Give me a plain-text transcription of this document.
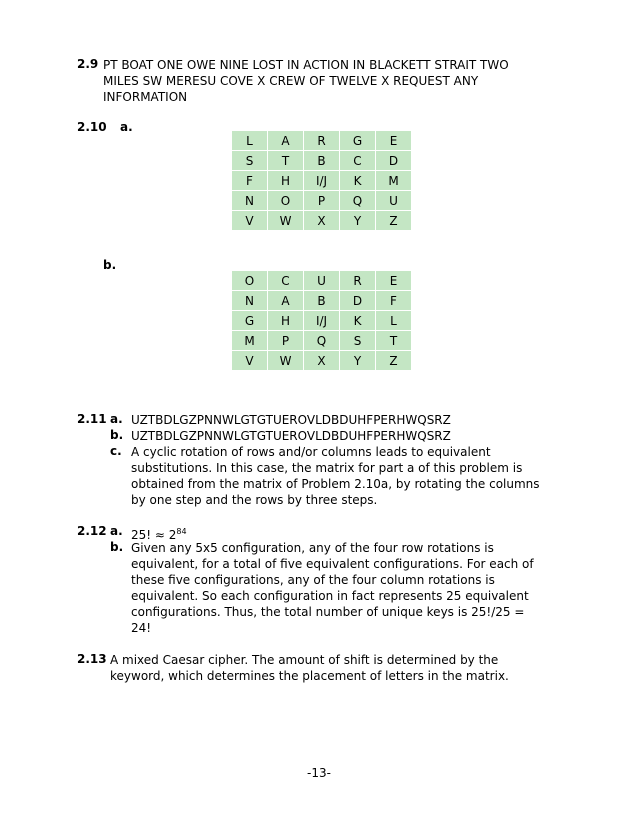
2.9 PT BOAT ONE OWE NINE LOST IN ACTION IN BLACKETT STRAIT TWO
MILES SW MERESU COVE X CREW OF TWELVE X REQUEST ANY
INFORMATION
2.10 a.
L	A	R	G	E
S	T	B	C	D
F	H	I/J	K	M
N	O	P	Q	U
V	W	X	Y	Z
b.
O	C	U	R	E
N	A	B	D	F
G	H	I/J	K	L
M	P	Q	S	T
V	W	X	Y	Z
2.11 a. UZTBDLGZPNNWLGTGTUEROVLDBDUHFPERHWQSRZ
b. UZTBDLGZPNNWLGTGTUEROVLDBDUHFPERHWQSRZ
c. A cyclic rotation of rows and/or columns leads to equivalent
substitutions. In this case, the matrix for part a of this problem is
obtained from the matrix of Problem 2.10a, by rotating the columns
by one step and the rows by three steps.
2.12 a. 25! ≈ $2^{84}$
b. Given any 5x5 configuration, any of the four row rotations is
equivalent, for a total of five equivalent configurations. For each of
these five configurations, any of the four column rotations is
equivalent. So each configuration in fact represents 25 equivalent
configurations. Thus, the total number of unique keys is 25!/25 =
24!
2.13 A mixed Caesar cipher. The amount of shift is determined by the
keyword, which determines the placement of letters in the matrix.
-13-
